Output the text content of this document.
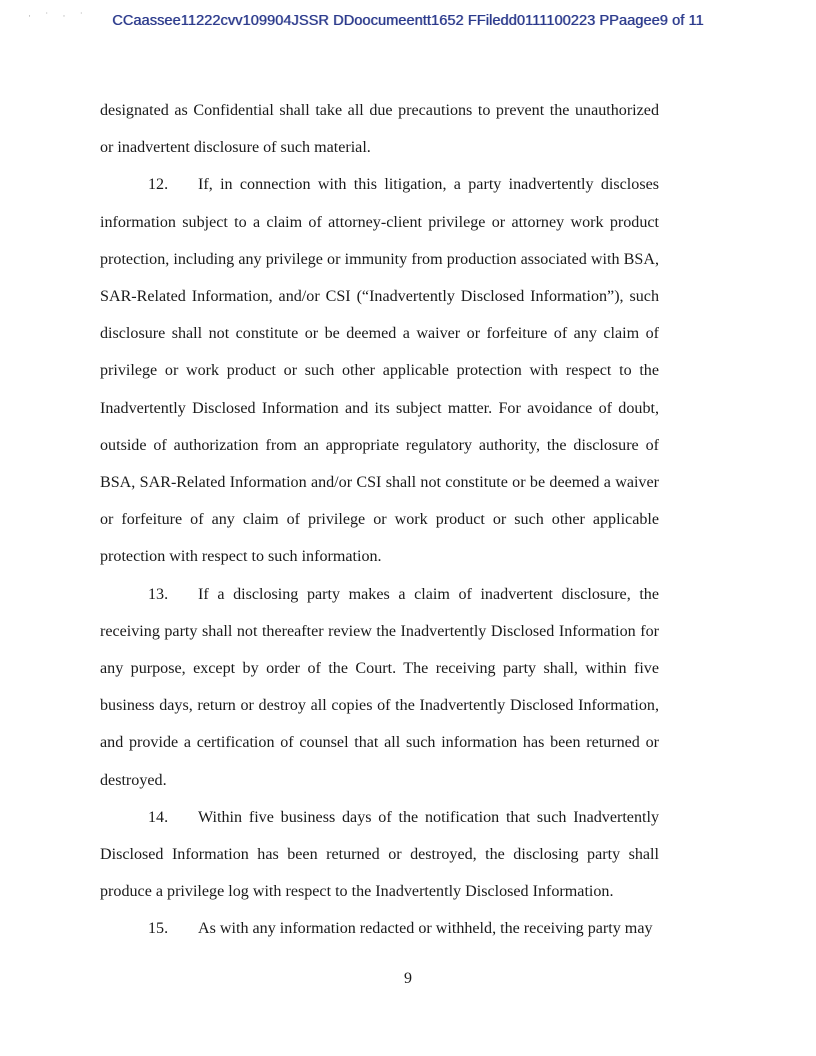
· ˙ · ˙	CCaassee11222cvv109904JSSR DDoocumeentt1652 FFiledd0111100223 PPaagee9 of 11

designated as Confidential shall take all due precautions to prevent the unauthorized or inadvertent disclosure of such material.

12. If, in connection with this litigation, a party inadvertently discloses information subject to a claim of attorney-client privilege or attorney work product protection, including any privilege or immunity from production associated with BSA, SAR-Related Information, and/or CSI (“Inadvertently Disclosed Information”), such disclosure shall not constitute or be deemed a waiver or forfeiture of any claim of privilege or work product or such other applicable protection with respect to the Inadvertently Disclosed Information and its subject matter. For avoidance of doubt, outside of authorization from an appropriate regulatory authority, the disclosure of BSA, SAR-Related Information and/or CSI shall not constitute or be deemed a waiver or forfeiture of any claim of privilege or work product or such other applicable protection with respect to such information.

13. If a disclosing party makes a claim of inadvertent disclosure, the receiving party shall not thereafter review the Inadvertently Disclosed Information for any purpose, except by order of the Court. The receiving party shall, within five business days, return or destroy all copies of the Inadvertently Disclosed Information, and provide a certification of counsel that all such information has been returned or destroyed.

14. Within five business days of the notification that such Inadvertently Disclosed Information has been returned or destroyed, the disclosing party shall produce a privilege log with respect to the Inadvertently Disclosed Information.

15. As with any information redacted or withheld, the receiving party may

9
